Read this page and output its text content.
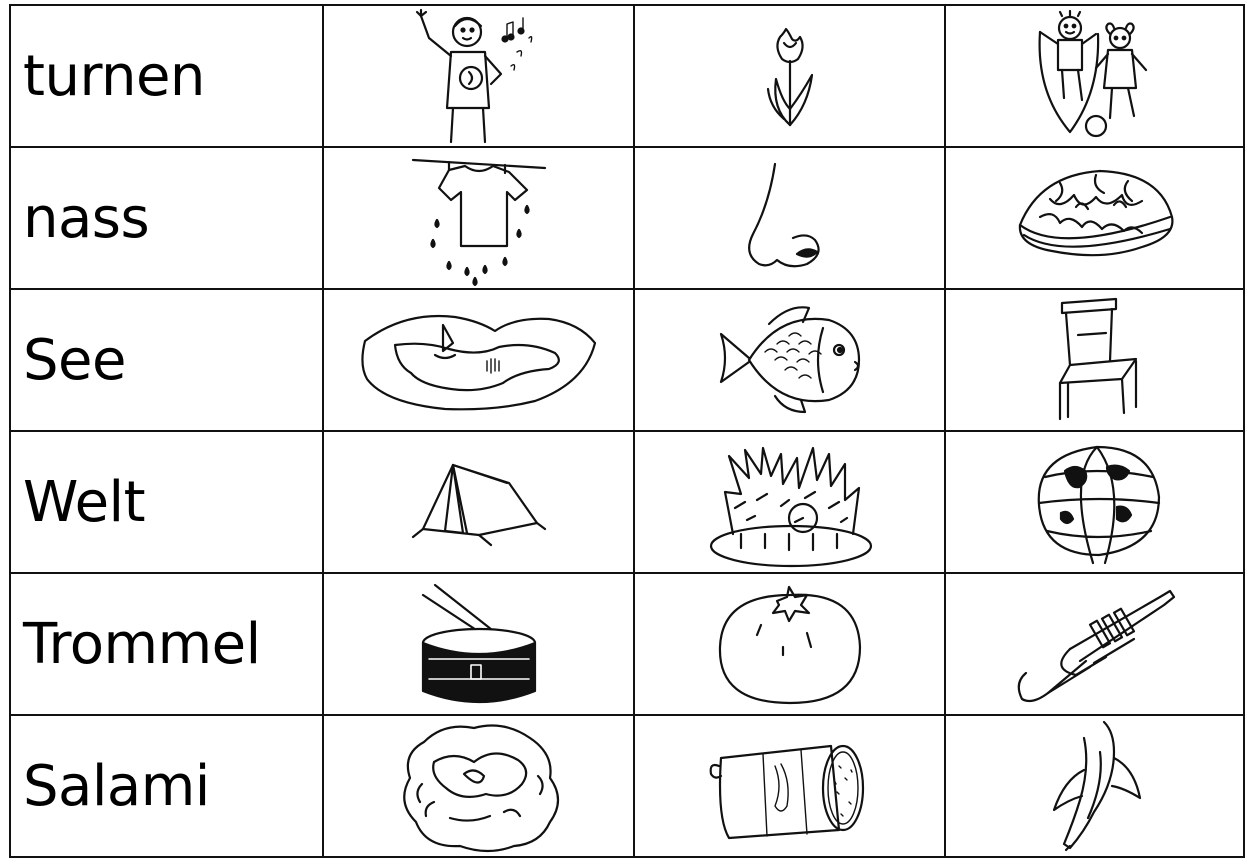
turnen	

nass	

See	

Welt	

Trommel	

Salami	
